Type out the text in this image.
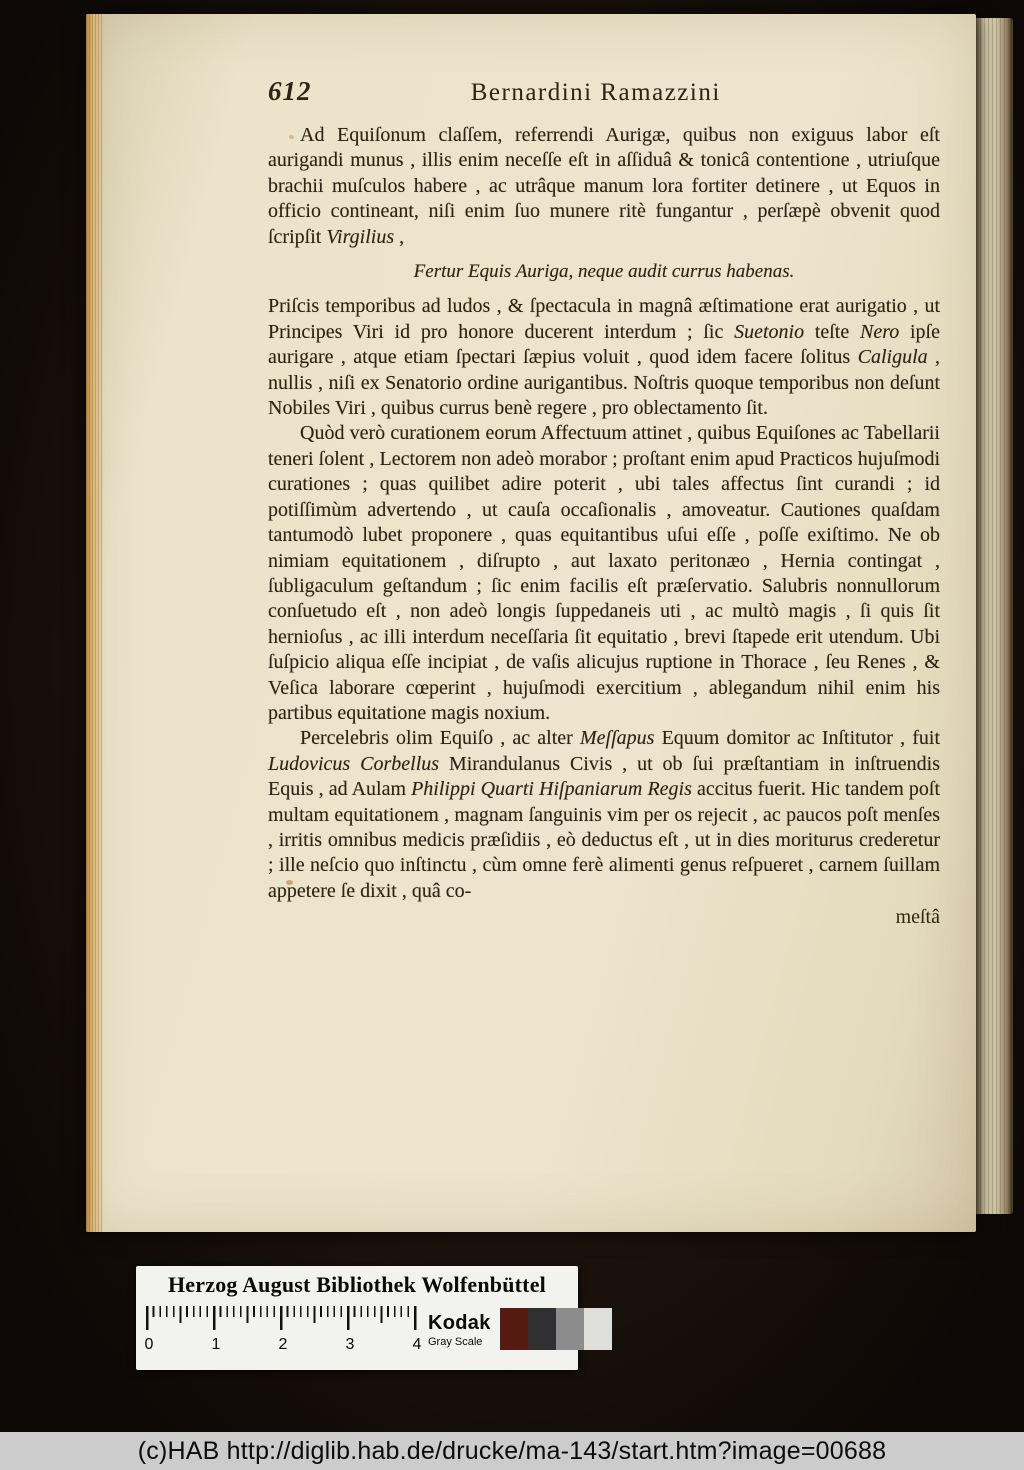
612	Bernardini Ramazzini
Ad Equiſonum claſſem, referrendi Aurigæ, quibus non exiguus labor eſt aurigandi munus , illis enim neceſſe eſt in aſſiduâ & tonicâ contentione , utriuſque brachii muſculos habere , ac utrâque manum lora fortiter detinere , ut Equos in officio contineant, niſi enim ſuo munere ritè fungantur , perſæpè obvenit quod ſcripſit Virgilius ,
Fertur Equis Auriga, neque audit currus habenas.
Priſcis temporibus ad ludos , & ſpectacula in magnâ æſtimatione erat aurigatio , ut Principes Viri id pro honore ducerent interdum ; ſic Suetonio teſte Nero ipſe aurigare , atque etiam ſpectari ſæpius voluit , quod idem facere ſolitus Caligula , nullis , niſi ex Senatorio ordine aurigantibus. Noſtris quoque temporibus non deſunt Nobiles Viri , quibus currus benè regere , pro oblectamento ſit.
Quòd verò curationem eorum Affectuum attinet , quibus Equiſones ac Tabellarii teneri ſolent , Lectorem non adeò morabor ; proſtant enim apud Practicos hujuſmodi curationes ; quas quilibet adire poterit , ubi tales affectus ſint curandi ; id potiſſimùm advertendo , ut cauſa occaſionalis , amoveatur. Cautiones quaſdam tantumodò lubet proponere , quas equitantibus uſui eſſe , poſſe exiſtimo. Ne ob nimiam equitationem , diſrupto , aut laxato peritonæo , Hernia contingat , ſubligaculum geſtandum ; ſic enim facilis eſt præſervatio. Salubris nonnullorum conſuetudo eſt , non adeò longis ſuppedaneis uti , ac multò magis , ſi quis ſit hernioſus , ac illi interdum neceſſaria ſit equitatio , brevi ſtapede erit utendum. Ubi ſuſpicio aliqua eſſe incipiat , de vaſis alicujus ruptione in Thorace , ſeu Renes , & Veſica laborare cœperint , hujuſmodi exercitium , ablegandum nihil enim his partibus equitatione magis noxium.
Percelebris olim Equiſo , ac alter Meſſapus Equum domitor ac Inſtitutor , fuit Ludovicus Corbellus Mirandulanus Civis , ut ob ſui præſtantiam in inſtruendis Equis , ad Aulam Philippi Quarti Hiſpaniarum Regis accitus fuerit. Hic tandem poſt multam equitationem , magnam ſanguinis vim per os rejecit , ac paucos poſt menſes , irritis omnibus medicis præſidiis , eò deductus eſt , ut in dies moriturus crederetur ; ille neſcio quo inſtinctu , cùm omne ferè alimenti genus reſpueret , carnem ſuillam appetere ſe dixit , quâ co-
meſtâ
Herzog August Bibliothek Wolfenbüttel
0	1	2	3	4
Kodak
Gray Scale
(c)HAB http://diglib.hab.de/drucke/ma-143/start.htm?image=00688
